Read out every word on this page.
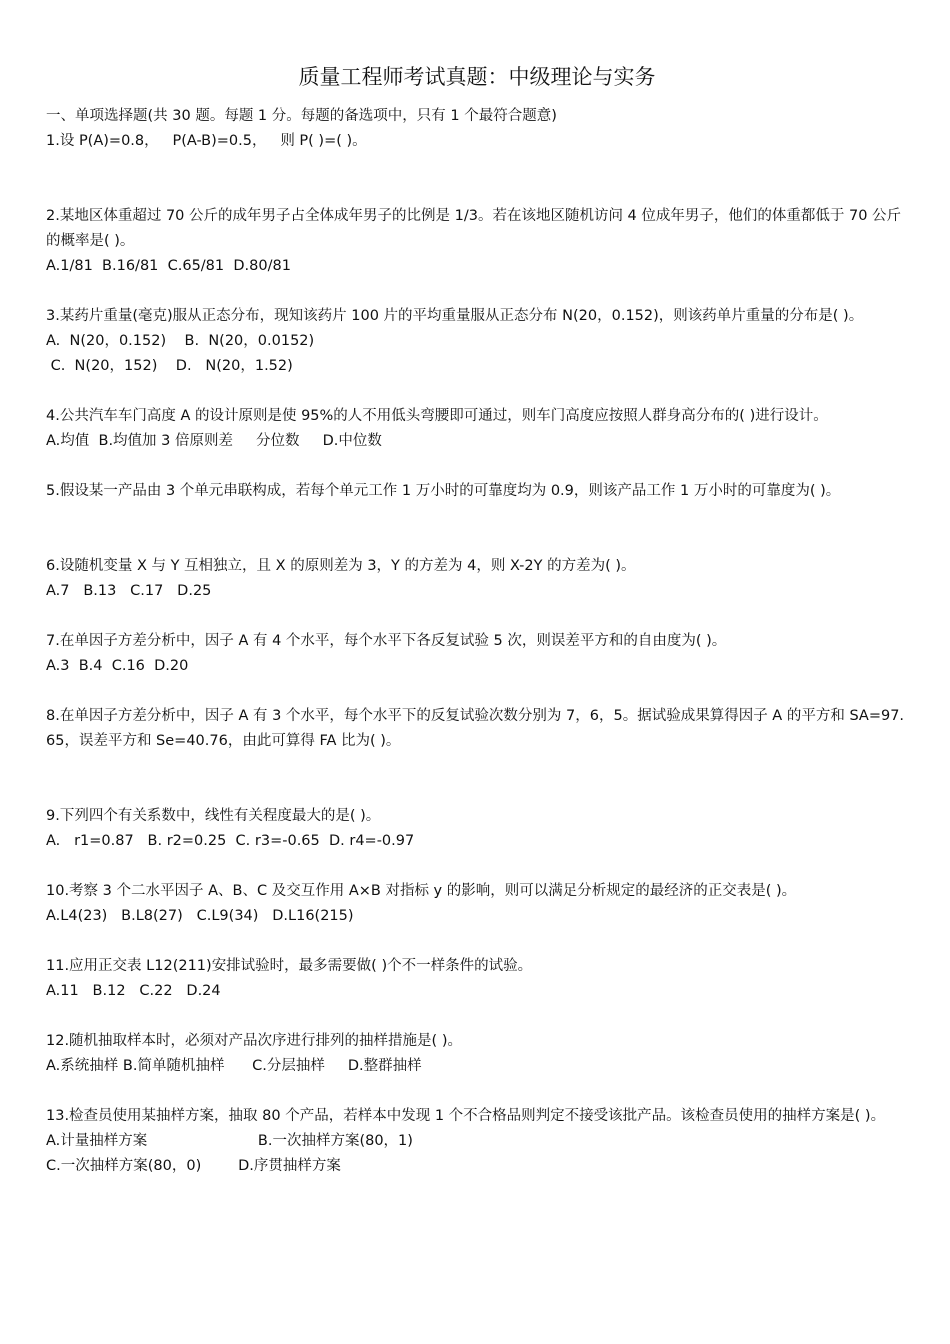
质量工程师考试真题：中级理论与实务

一、单项选择题(共 30 题。每题 1 分。每题的备选项中，只有 1 个最符合题意)

1.设 P(A)=0.8，   P(A-B)=0.5，   则 P( )=( )。

2.某地区体重超过 70 公斤的成年男子占全体成年男子的比例是 1/3。若在该地区随机访问 4 位成年男子，他们的体重都低于 70 公斤的概率是( )。

A.1/81  B.16/81  C.65/81  D.80/81

3.某药片重量(毫克)服从正态分布，现知该药片 100 片的平均重量服从正态分布 N(20，0.152)，则该药单片重量的分布是( )。

A.  N(20，0.152)    B.  N(20，0.0152)

C.  N(20，152)    D.   N(20，1.52)

4.公共汽车车门高度 A 的设计原则是使 95%的人不用低头弯腰即可通过，则车门高度应按照人群身高分布的( )进行设计。

A.均值  B.均值加 3 倍原则差     分位数     D.中位数

5.假设某一产品由 3 个单元串联构成，若每个单元工作 1 万小时的可靠度均为 0.9，则该产品工作 1 万小时的可靠度为( )。

6.设随机变量 X 与 Y 互相独立，且 X 的原则差为 3，Y 的方差为 4，则 X-2Y 的方差为( )。

A.7   B.13   C.17   D.25

7.在单因子方差分析中，因子 A 有 4 个水平，每个水平下各反复试验 5 次，则误差平方和的自由度为( )。

A.3  B.4  C.16  D.20

8.在单因子方差分析中，因子 A 有 3 个水平，每个水平下的反复试验次数分别为 7，6，5。据试验成果算得因子 A 的平方和 SA=97.65，误差平方和 Se=40.76，由此可算得 FA 比为( )。

9.下列四个有关系数中，线性有关程度最大的是( )。

A.   r1=0.87   B. r2=0.25  C. r3=-0.65  D. r4=-0.97

10.考察 3 个二水平因子 A、B、C 及交互作用 A×B 对指标 y 的影响，则可以满足分析规定的最经济的正交表是( )。

A.L4(23)   B.L8(27)   C.L9(34)   D.L16(215)

11.应用正交表 L12(211)安排试验时，最多需要做( )个不一样条件的试验。

A.11   B.12   C.22   D.24

12.随机抽取样本时，必须对产品次序进行排列的抽样措施是( )。

A.系统抽样 B.简单随机抽样      C.分层抽样     D.整群抽样

13.检查员使用某抽样方案，抽取 80 个产品，若样本中发现 1 个不合格品则判定不接受该批产品。该检查员使用的抽样方案是( )。

A.计量抽样方案                        B.一次抽样方案(80，1)

C.一次抽样方案(80，0)        D.序贯抽样方案
